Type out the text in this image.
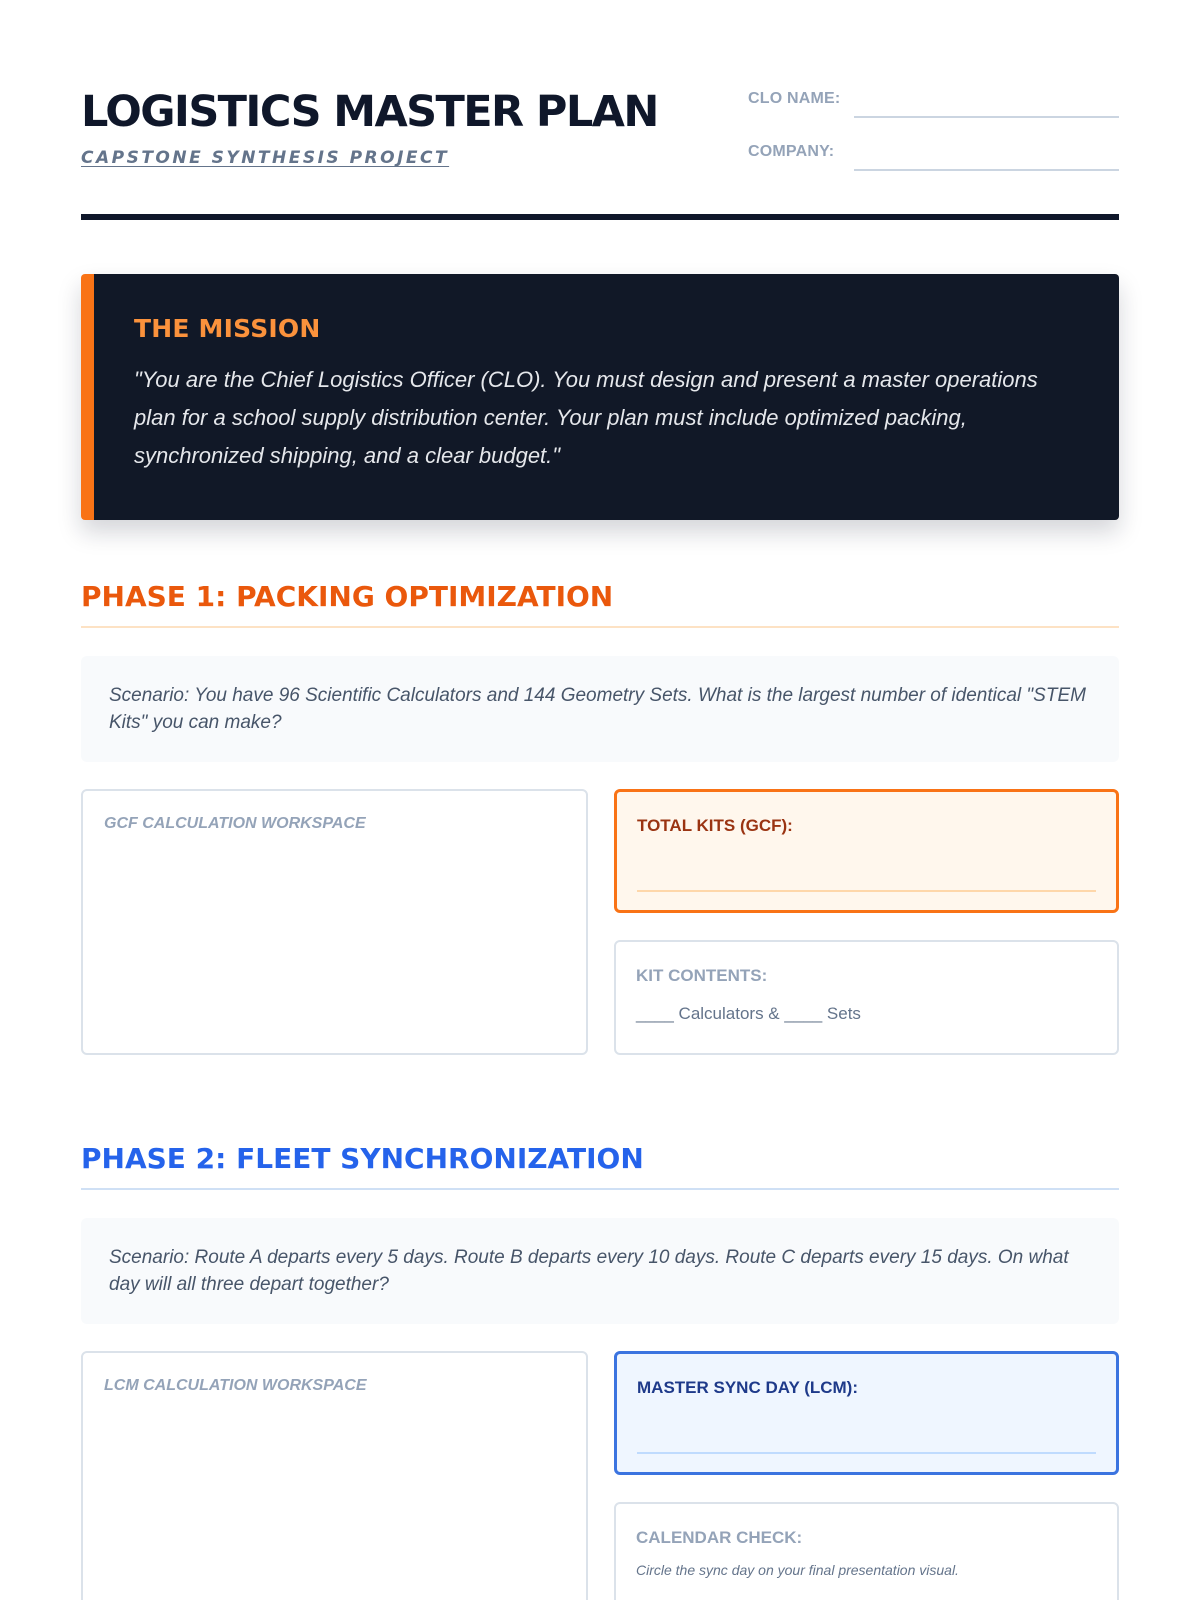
LOGISTICS MASTER PLAN
CAPSTONE SYNTHESIS PROJECT
CLO NAME:
COMPANY:
THE MISSION
"You are the Chief Logistics Officer (CLO). You must design and present a master operations plan for a school supply distribution center. Your plan must include optimized packing, synchronized shipping, and a clear budget."
PHASE 1: PACKING OPTIMIZATION
Scenario: You have 96 Scientific Calculators and 144 Geometry Sets. What is the largest number of identical "STEM Kits" you can make?
GCF CALCULATION WORKSPACE	TOTAL KITS (GCF):
KIT CONTENTS:
____ Calculators & ____ Sets
PHASE 2: FLEET SYNCHRONIZATION
Scenario: Route A departs every 5 days. Route B departs every 10 days. Route C departs every 15 days. On what day will all three depart together?
LCM CALCULATION WORKSPACE	MASTER SYNC DAY (LCM):
CALENDAR CHECK:
Circle the sync day on your final presentation visual.
